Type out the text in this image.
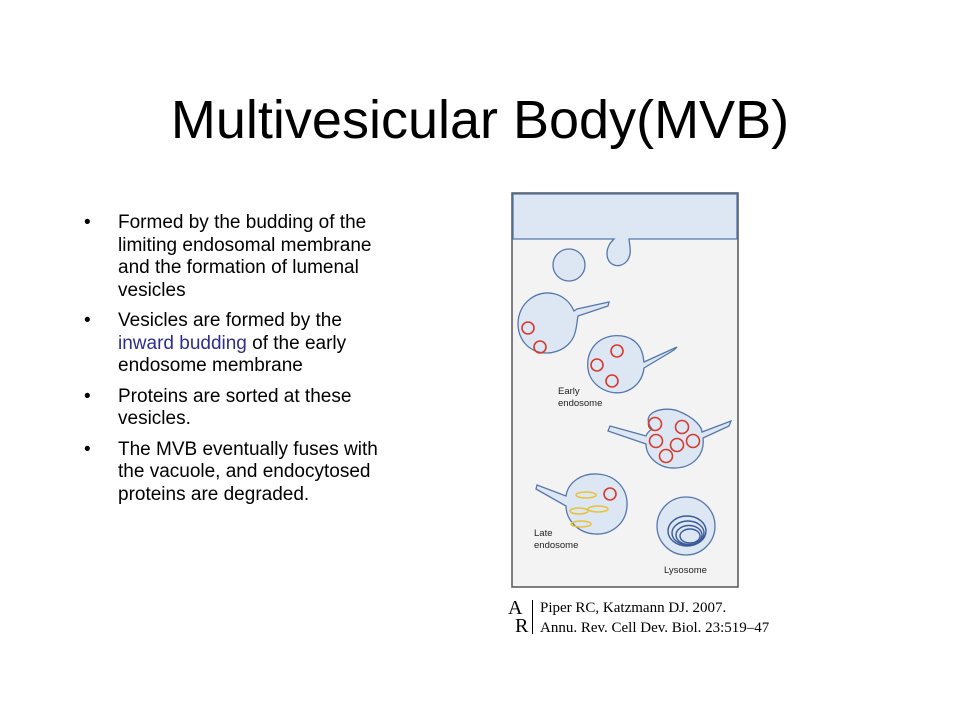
Multivesicular Body(MVB)
• Formed by the budding of the
limiting endosomal membrane
and the formation of lumenal
vesicles
• Vesicles are formed by the
inward budding of the early
endosome membrane
• Proteins are sorted at these
vesicles.
• The MVB eventually fuses with
the vacuole, and endocytosed
proteins are degraded.
Early
endosome
Late
endosome
Lysosome
A
R
Piper RC, Katzmann DJ. 2007.
Annu. Rev. Cell Dev. Biol. 23:519–47
